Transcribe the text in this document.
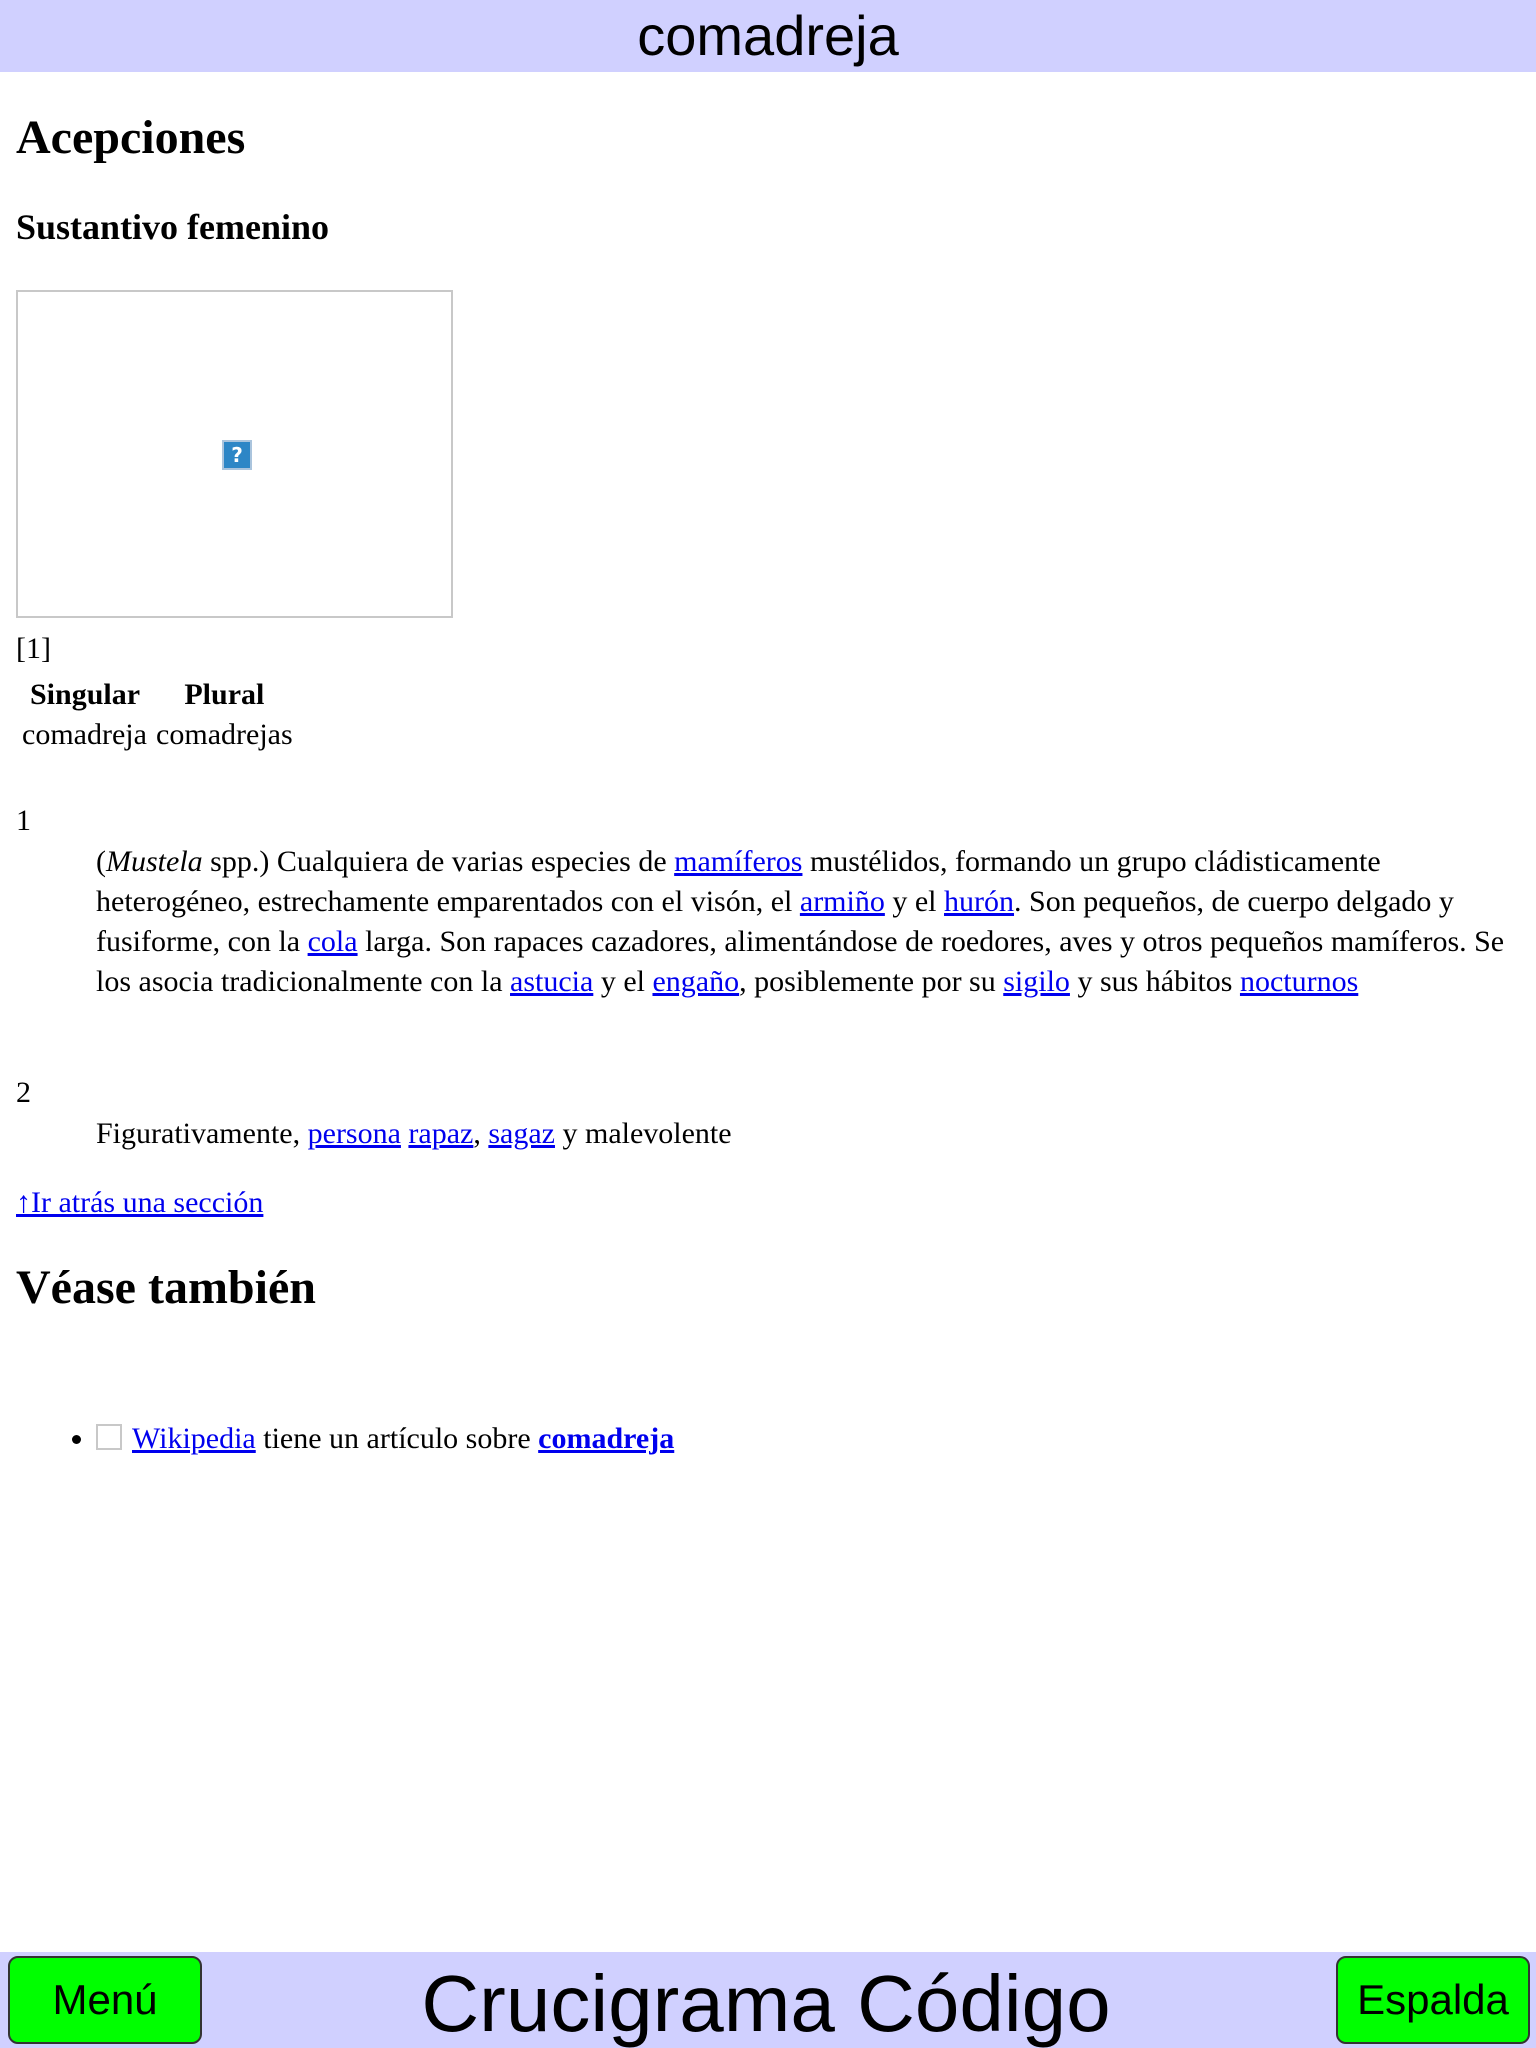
comadreja
Acepciones
Sustantivo femenino
?
[1]
Singular	Plural
comadreja	comadrejas
1
(Mustela spp.) Cualquiera de varias especies de mamíferos mustélidos, formando un grupo cládisticamente heterogéneo, estrechamente emparentados con el visón, el armiño y el hurón. Son pequeños, de cuerpo delgado y fusiforme, con la cola larga. Son rapaces cazadores, alimentándose de roedores, aves y otros pequeños mamíferos. Se los asocia tradicionalmente con la astucia y el engaño, posiblemente por su sigilo y sus hábitos nocturnos
2
Figurativamente, persona rapaz, sagaz y malevolente
↑Ir atrás una sección
Véase también
• Wikipedia tiene un artículo sobre comadreja
Menú	Crucigrama Código	Espalda
